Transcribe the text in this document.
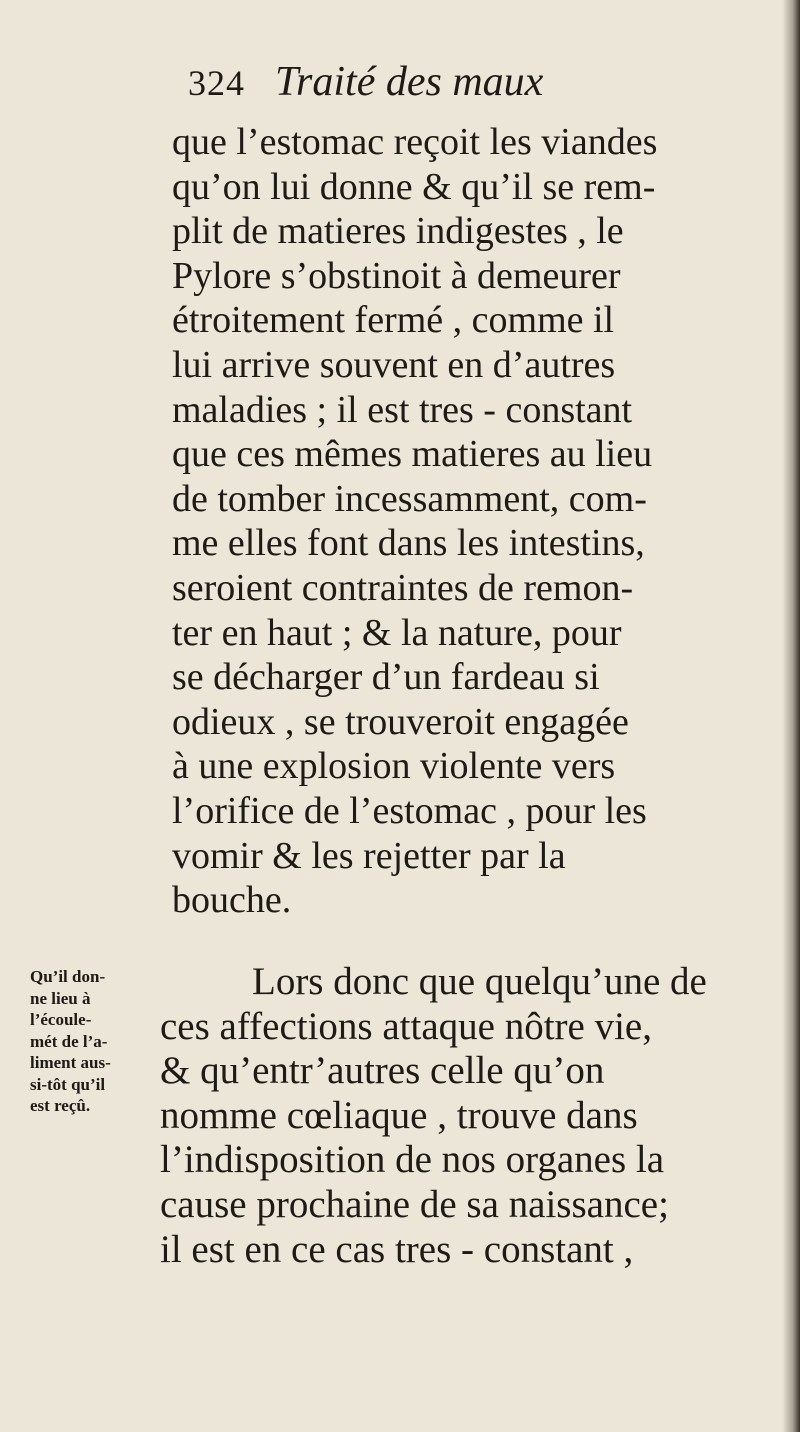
324 Traité des maux
que l’estomac reçoit les viandes
qu’on lui donne & qu’il se rem-
plit de matieres indigestes , le
Pylore s’obstinoit à demeurer
étroitement fermé , comme il
lui arrive souvent en d’autres
maladies ; il est tres - constant
que ces mêmes matieres au lieu
de tomber incessamment, com-
me elles font dans les intestins,
seroient contraintes de remon-
ter en haut ; & la nature, pour
se décharger d’un fardeau si
odieux , se trouveroit engagée
à une explosion violente vers
l’orifice de l’estomac , pour les
vomir & les rejetter par la
bouche.
Qu’il don-
ne lieu à
l’écoule-
mét de l’a-
liment aus-
si-tôt qu’il
est reçû.
Lors donc que quelqu’une de
ces affections attaque nôtre vie,
& qu’entr’autres celle qu’on
nomme cœliaque , trouve dans
l’indisposition de nos organes la
cause prochaine de sa naissance;
il est en ce cas tres - constant ,
